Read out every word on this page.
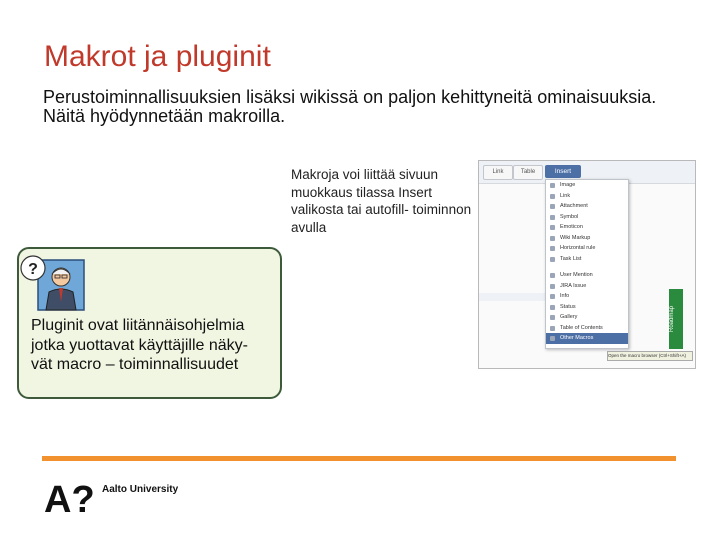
Makrot ja pluginit

Perustoiminnallisuuksien lisäksi wikissä on paljon kehittyneitä ominaisuuksia. Näitä hyödynnetään makroilla.

Makroja voi liittää sivuun muokkaus tilassa Insert valikosta tai autofill- toiminnon avulla

Link	Table	Insert
Image
Link
Attachment
Symbol
Emoticon
Wiki Markup
Horizontal rule
Task List
User Mention
JIRA Issue
Info
Status
Gallery
Table of Contents
Other Macros
Roadmap
Open the macro browser (Ctrl+Shift+A)
?

Pluginit ovat liitännäisohjelmia jotka yuottavat käyttäjille näky- vät macro – toiminnallisuudet

A? Aalto University
